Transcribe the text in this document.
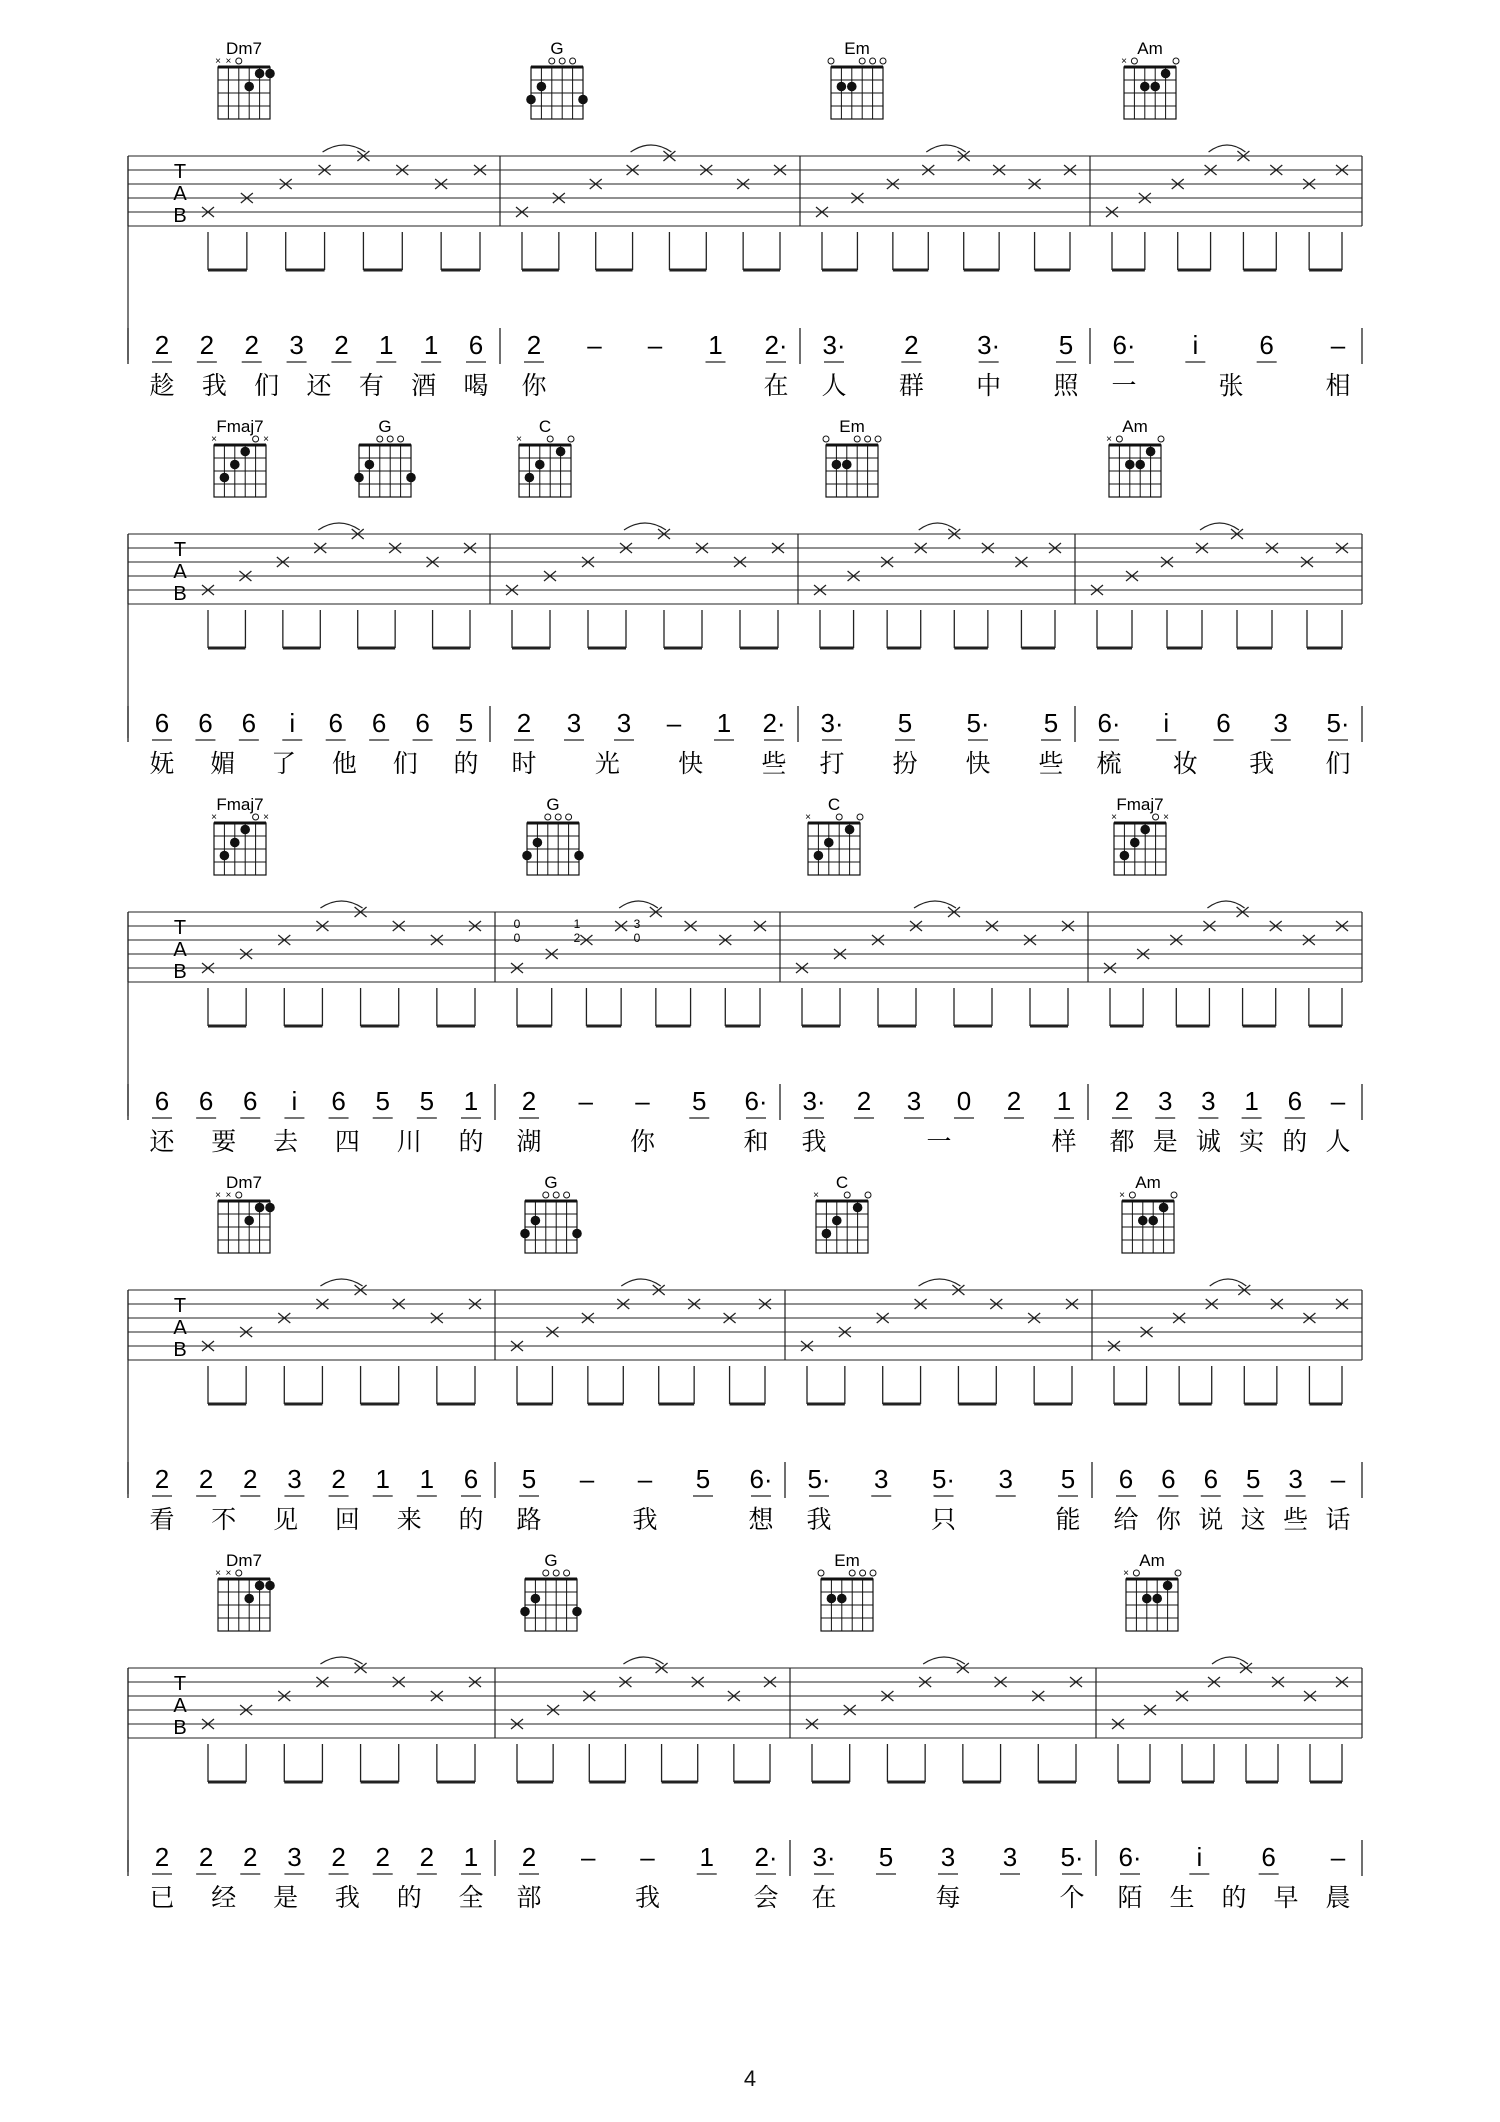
Dm7
× ×
G	Em	Am
×
T
A
B
2 2 2 3 2 1 1 6
趁 我 们 还 有 酒 喝
2 – – 1 2·
你	在
3· 2 3· 5
人 群 中 照
6· i 6 –
一	张	相
Fmaj7
×	×
G	C
×
Em	Am
×
T
A
B
6 6 6 i 6 6 6 5
妩 媚 了 他 们 的
2 3 3 – 1 2·
时 光 快 些
3· 5 5· 5
打 扮 快 些
6· i 6 3 5·
梳 妆 我 们
Fmaj7
×	×
G	C
×
Fmaj7
×	×
T
A
B
0	1	3
0	2	0
6 6 6 i 6 5 5 1
还 要 去 四 川 的
2 – – 5 6·
湖	你	和
3· 2 3 0 2 1
我	一	样
2 3 3 1 6 –
都 是 诚 实 的 人
Dm7
× ×
G	C
×
Am
×
T
A
B
2 2 2 3 2 1 1 6
看 不 见 回 来 的
5 – – 5 6·
路	我	想
5· 3 5· 3 5
我	只	能
6 6 6 5 3 –
给 你 说 这 些 话
Dm7
× ×
G	Em	Am
×
T
A
B
2 2 2 3 2 2 2 1
已 经 是 我 的 全
2 – – 1 2·
部	我	会
3· 5 3 3 5·
在	每	个
6· i 6 –
陌 生 的 早 晨
4
